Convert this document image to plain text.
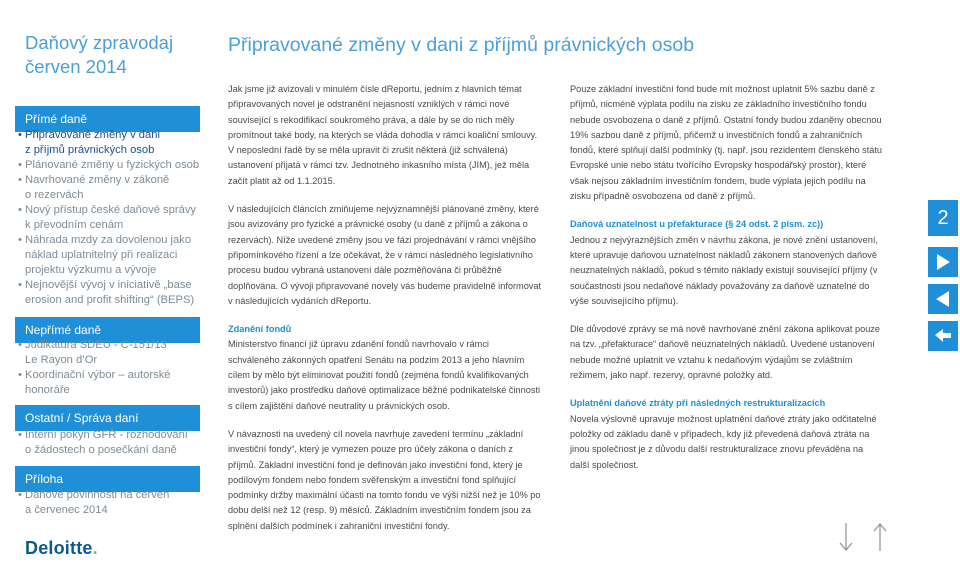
Daňový zpravodaj
červen 2014
Přímé daně
• Připravované změny v dani
z příjmů právnických osob
• Plánované změny u fyzických osob
• Navrhované změny v zákoně
o rezervách
• Nový přístup české daňové správy
k převodním cenám
• Náhrada mzdy za dovolenou jako
náklad uplatnitelný při realizaci
projektu výzkumu a vývoje
• Nejnovější vývoj v iniciativě „base
erosion and profit shifting“ (BEPS)
Nepřímé daně
• Judikatura SDEU - C-151/13
Le Rayon d’Or
• Koordinační výbor – autorské
honoráře
Ostatní / Správa daní
• Interní pokyn GFŘ - rozhodování
o žádostech o posečkání daně
Příloha
• Daňové povinnosti na červen
a červenec 2014
Deloitte.
Připravované změny v dani z příjmů právnických osob

Jak jsme již avizovali v minulém čísle dReportu, jedním z hlavních témat připravovaných novel je odstranění nejasností vzniklých v rámci nové související s rekodifikací soukromého práva, a dále by se do nich měly promítnout také body, na kterých se vláda dohodla v rámci koaliční smlouvy. V neposlední řadě by se měla upravit či zrušit některá (již schválená) ustanovení přijatá v rámci tzv. Jednotného inkasního místa (JIM), jež měla začít platit až od 1.1.2015.

V následujících článcích zmiňujeme nejvýznamnější plánované změny, které jsou avizovány pro fyzické a právnické osoby (u daně z příjmů a zákona o rezervách). Níže uvedené změny jsou ve fázi projednávání v rámci vnějšího připomínkového řízení a lze očekávat, že v rámci následného legislativního procesu budou vybraná ustanovení dále pozměňována či průběžně doplňována. O vývoji připravované novely vás budeme pravidelně informovat v následujících vydáních dReportu.

Zdanění fondů

Ministerstvo financí již úpravu zdanění fondů navrhovalo v rámci schváleného zákonných opatření Senátu na podzim 2013 a jeho hlavním cílem by mělo být eliminovat použití fondů (zejména fondů kvalifikovaných investorů) jako prostředku daňové optimalizace běžné podnikatelské činnosti s cílem zajištění daňové neutrality u právnických osob.

V návaznosti na uvedený cíl novela navrhuje zavedení termínu „základní investiční fondy“, který je vymezen pouze pro účely zákona o daních z příjmů. Základní investiční fond je definován jako investiční fond, který je podílovým fondem nebo fondem svěřenským a investiční fond splňující podmínky držby maximální účasti na tomto fondu ve výši nižší než je 10% po dobu delší než 12 (resp. 9) měsíců. Základním investičním fondem jsou za splnění dalších podmínek i zahraniční investiční fondy.

Pouze základní investiční fond bude mít možnost uplatnit 5% sazbu daně z příjmů, nicméně výplata podílu na zisku ze základního investičního fondu nebude osvobozena o daně z příjmů. Ostatní fondy budou zdaněny obecnou 19% sazbou daně z příjmů, přičemž u investičních fondů a zahraničních fondů, které splňují další podmínky (tj. např. jsou rezidentem členského státu Evropské unie nebo státu tvořícího Evropsky hospodářský prostor), které však nejsou základním investičním fondem, bude výplata jejich podílu na zisku případně osvobozena od daně z příjmů.

Daňová uznatelnost u přefakturace (§ 24 odst. 2 písm. zc))

Jednou z nejvýraznějších změn v návrhu zákona, je nové znění ustanovení, které upravuje daňovou uznatelnost nákladů zákonem stanovených daňově neuznatelných nákladů, pokud s těmito náklady existují související příjmy (v součastnosti jsou nedaňové náklady považovány za daňově uznatelné do výše souvisejícího příjmu).

Dle důvodové zprávy se má nově navrhované znění zákona aplikovat pouze na tzv. „přefakturace“ daňově neuznatelných nákladů. Uvedené ustanovení nebude možné uplatnit ve vztahu k nedaňovým výdajům se zvláštním režimem, jako např. rezervy, opravné položky atd.

Uplatnění daňové ztráty při následných restrukturalizacích

Novela výslovně upravuje možnost uplatnění daňové ztráty jako odčitatelné položky od základu daně v případech, kdy již převedená daňová ztráta na jinou společnost je z důvodu další restrukturalizace znovu převáděna na další společnost.

2
